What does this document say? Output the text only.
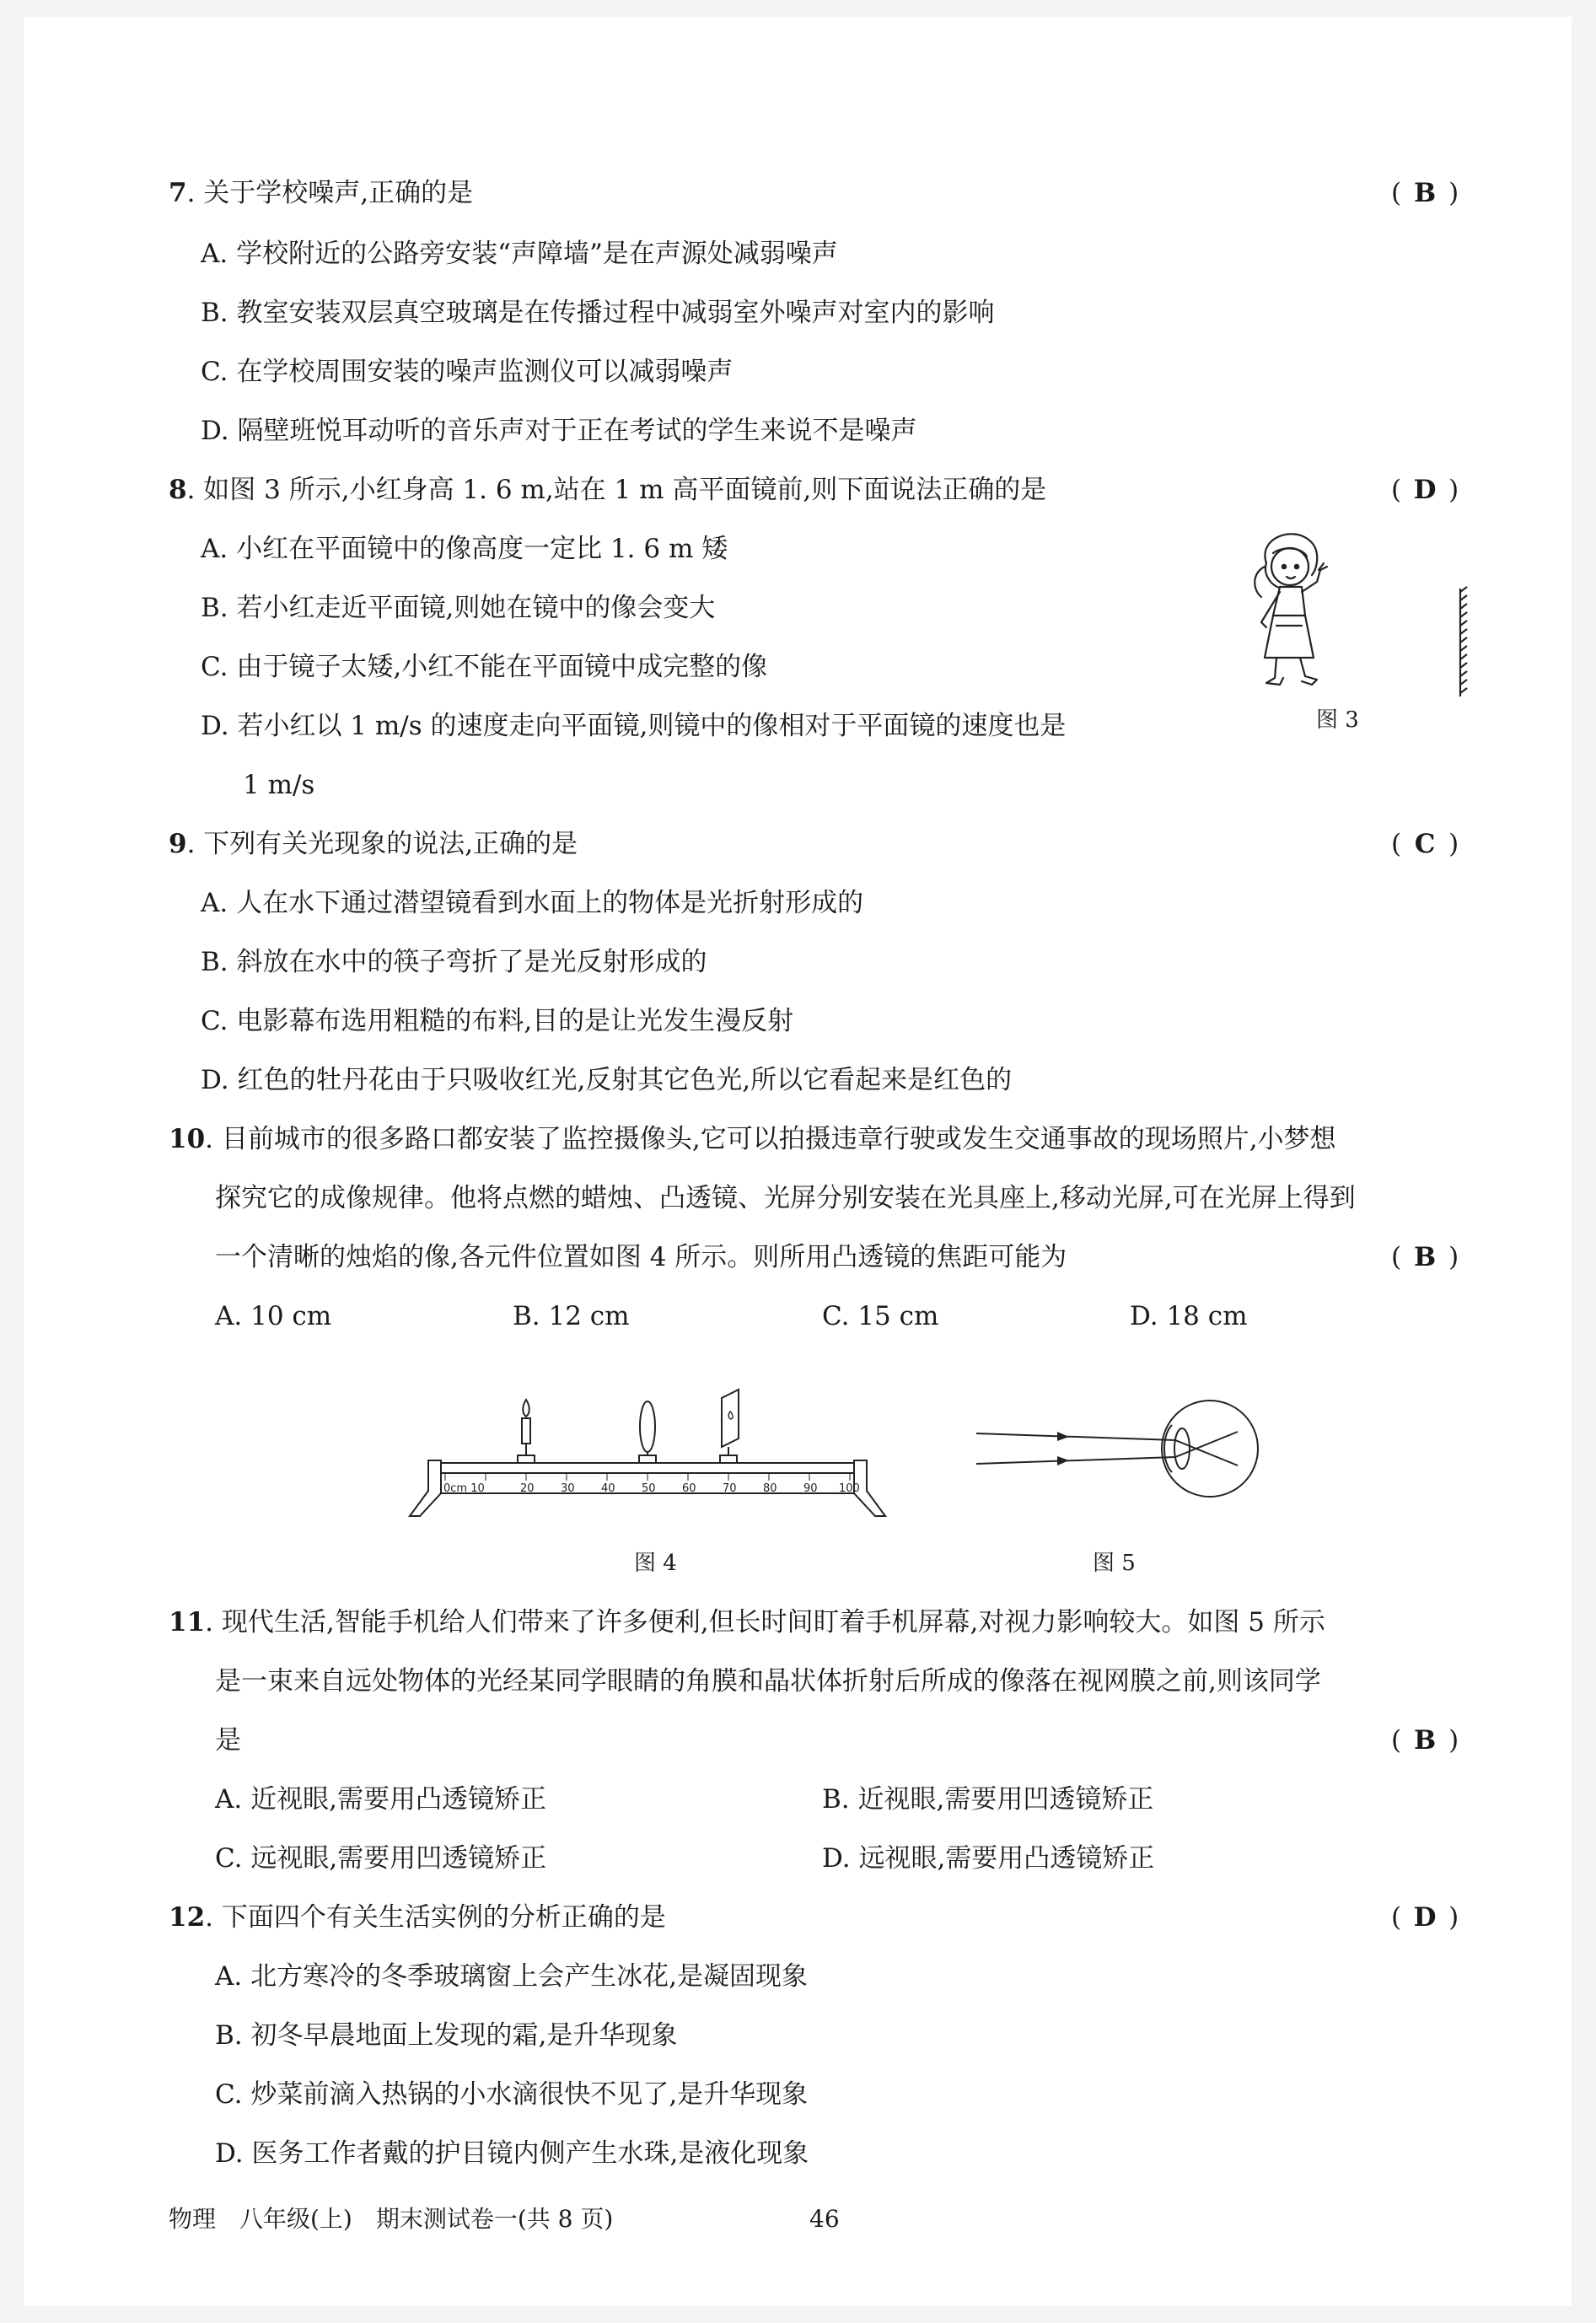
7. 关于学校噪声,正确的是	( B )
A. 学校附近的公路旁安装“声障墙”是在声源处减弱噪声
B. 教室安装双层真空玻璃是在传播过程中减弱室外噪声对室内的影响
C. 在学校周围安装的噪声监测仪可以减弱噪声
D. 隔壁班悦耳动听的音乐声对于正在考试的学生来说不是噪声
8. 如图 3 所示,小红身高 1. 6 m,站在 1 m 高平面镜前,则下面说法正确的是	( D )
A. 小红在平面镜中的像高度一定比 1. 6 m 矮
B. 若小红走近平面镜,则她在镜中的像会变大
C. 由于镜子太矮,小红不能在平面镜中成完整的像
D. 若小红以 1 m/s 的速度走向平面镜,则镜中的像相对于平面镜的速度也是
1 m/s
图 3
9. 下列有关光现象的说法,正确的是	( C )
A. 人在水下通过潜望镜看到水面上的物体是光折射形成的
B. 斜放在水中的筷子弯折了是光反射形成的
C. 电影幕布选用粗糙的布料,目的是让光发生漫反射
D. 红色的牡丹花由于只吸收红光,反射其它色光,所以它看起来是红色的
10. 目前城市的很多路口都安装了监控摄像头,它可以拍摄违章行驶或发生交通事故的现场照片,小梦想
探究它的成像规律。他将点燃的蜡烛、凸透镜、光屏分别安装在光具座上,移动光屏,可在光屏上得到
一个清晰的烛焰的像,各元件位置如图 4 所示。则所用凸透镜的焦距可能为	( B )
A. 10 cm	B. 12 cm	C. 15 cm	D. 18 cm
0cm 10	20 30 40 50 60 70 80 90 100
图 4	图 5
11. 现代生活,智能手机给人们带来了许多便利,但长时间盯着手机屏幕,对视力影响较大。如图 5 所示
是一束来自远处物体的光经某同学眼睛的角膜和晶状体折射后所成的像落在视网膜之前,则该同学
是	( B )
A. 近视眼,需要用凸透镜矫正	B. 近视眼,需要用凹透镜矫正
C. 远视眼,需要用凹透镜矫正	D. 远视眼,需要用凸透镜矫正
12. 下面四个有关生活实例的分析正确的是	( D )
A. 北方寒冷的冬季玻璃窗上会产生冰花,是凝固现象
B. 初冬早晨地面上发现的霜,是升华现象
C. 炒菜前滴入热锅的小水滴很快不见了,是升华现象
D. 医务工作者戴的护目镜内侧产生水珠,是液化现象
物理　八年级(上)　期末测试卷一(共 8 页)	46
